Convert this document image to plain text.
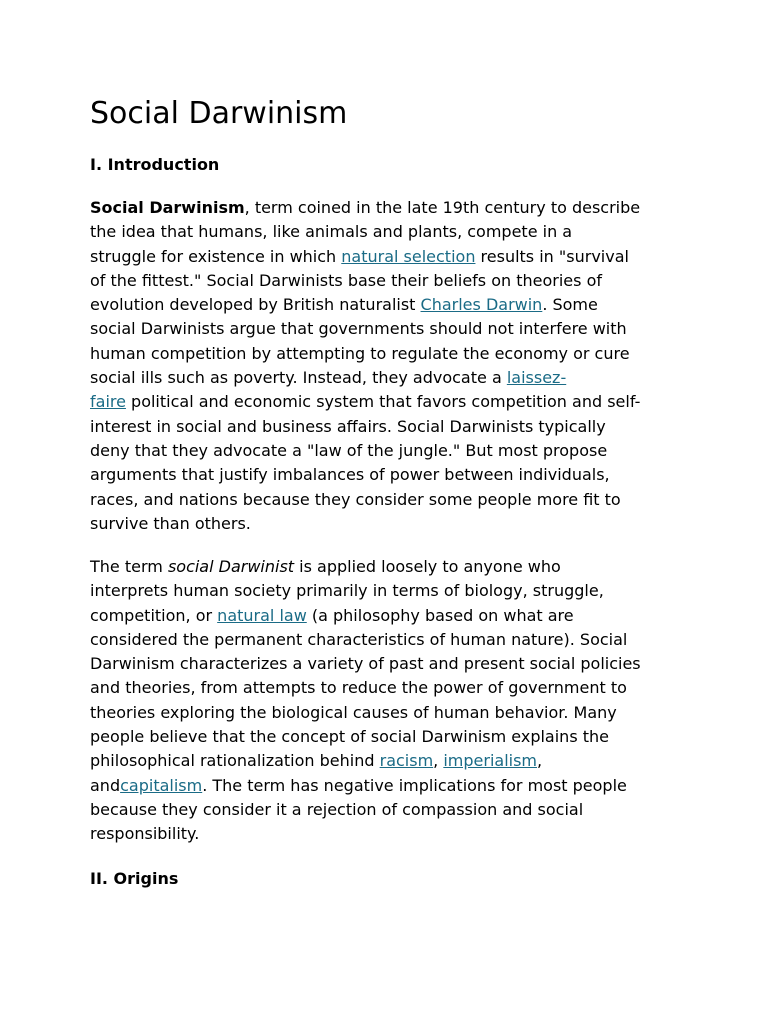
Social Darwinism
I. Introduction
Social Darwinism, term coined in the late 19th century to describe
the idea that humans, like animals and plants, compete in a
struggle for existence in which natural selection results in "survival
of the fittest." Social Darwinists base their beliefs on theories of
evolution developed by British naturalist Charles Darwin. Some
social Darwinists argue that governments should not interfere with
human competition by attempting to regulate the economy or cure
social ills such as poverty. Instead, they advocate a laissez-
faire political and economic system that favors competition and self-
interest in social and business affairs. Social Darwinists typically
deny that they advocate a "law of the jungle." But most propose
arguments that justify imbalances of power between individuals,
races, and nations because they consider some people more fit to
survive than others.
The term social Darwinist is applied loosely to anyone who
interprets human society primarily in terms of biology, struggle,
competition, or natural law (a philosophy based on what are
considered the permanent characteristics of human nature). Social
Darwinism characterizes a variety of past and present social policies
and theories, from attempts to reduce the power of government to
theories exploring the biological causes of human behavior. Many
people believe that the concept of social Darwinism explains the
philosophical rationalization behind racism, imperialism,
andcapitalism. The term has negative implications for most people
because they consider it a rejection of compassion and social
responsibility.
II. Origins
